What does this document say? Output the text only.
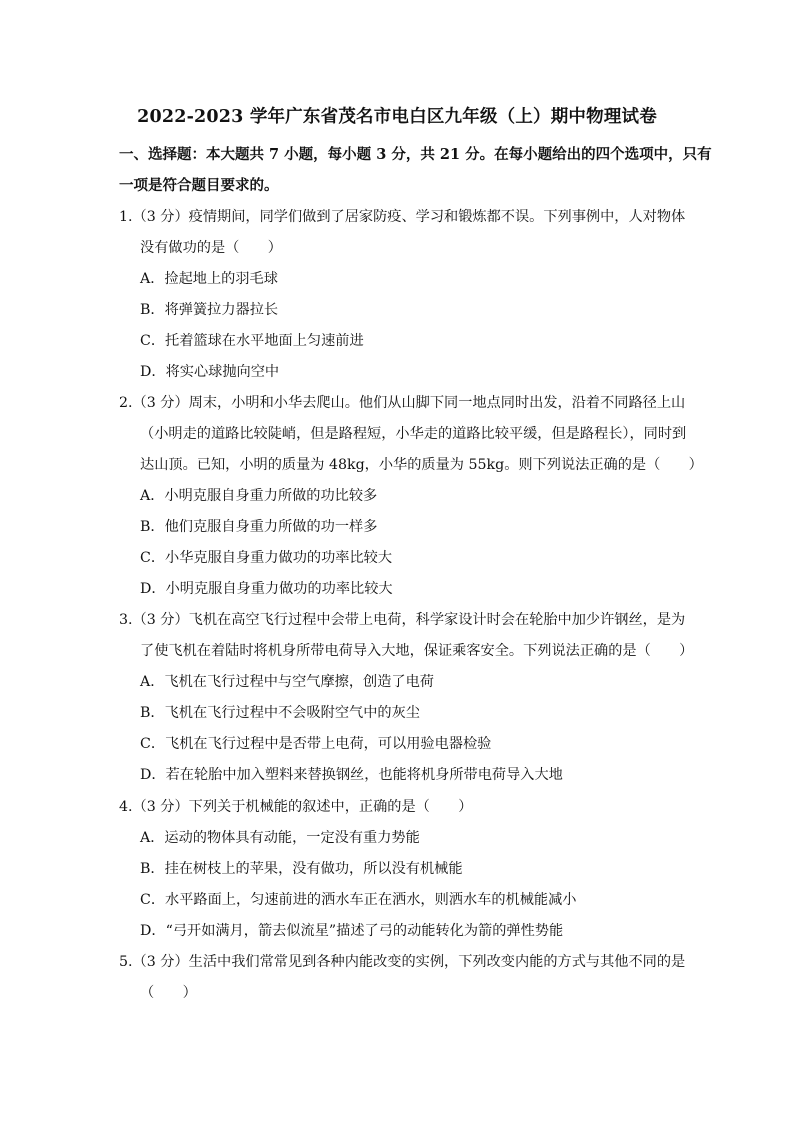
2022-2023 学年广东省茂名市电白区九年级（上）期中物理试卷
一、选择题：本大题共 7 小题，每小题 3 分，共 21 分。在每小题给出的四个选项中，只有
一项是符合题目要求的。
1.（3 分）疫情期间，同学们做到了居家防疫、学习和锻炼都不误。下列事例中，人对物体
没有做功的是（　　）
A．捡起地上的羽毛球
B．将弹簧拉力器拉长
C．托着篮球在水平地面上匀速前进
D．将实心球抛向空中
2.（3 分）周末，小明和小华去爬山。他们从山脚下同一地点同时出发，沿着不同路径上山
（小明走的道路比较陡峭，但是路程短，小华走的道路比较平缓，但是路程长），同时到
达山顶。已知，小明的质量为 48kg，小华的质量为 55kg。则下列说法正确的是（　　）
A．小明克服自身重力所做的功比较多
B．他们克服自身重力所做的功一样多
C．小华克服自身重力做功的功率比较大
D．小明克服自身重力做功的功率比较大
3.（3 分）飞机在高空飞行过程中会带上电荷，科学家设计时会在轮胎中加少许钢丝，是为
了使飞机在着陆时将机身所带电荷导入大地，保证乘客安全。下列说法正确的是（　　）
A．飞机在飞行过程中与空气摩擦，创造了电荷
B．飞机在飞行过程中不会吸附空气中的灰尘
C．飞机在飞行过程中是否带上电荷，可以用验电器检验
D．若在轮胎中加入塑料来替换钢丝，也能将机身所带电荷导入大地
4.（3 分）下列关于机械能的叙述中，正确的是（　　）
A．运动的物体具有动能，一定没有重力势能
B．挂在树枝上的苹果，没有做功，所以没有机械能
C．水平路面上，匀速前进的洒水车正在洒水，则洒水车的机械能减小
D．“弓开如满月，箭去似流星”描述了弓的动能转化为箭的弹性势能
5.（3 分）生活中我们常常见到各种内能改变的实例，下列改变内能的方式与其他不同的是
（　　）
